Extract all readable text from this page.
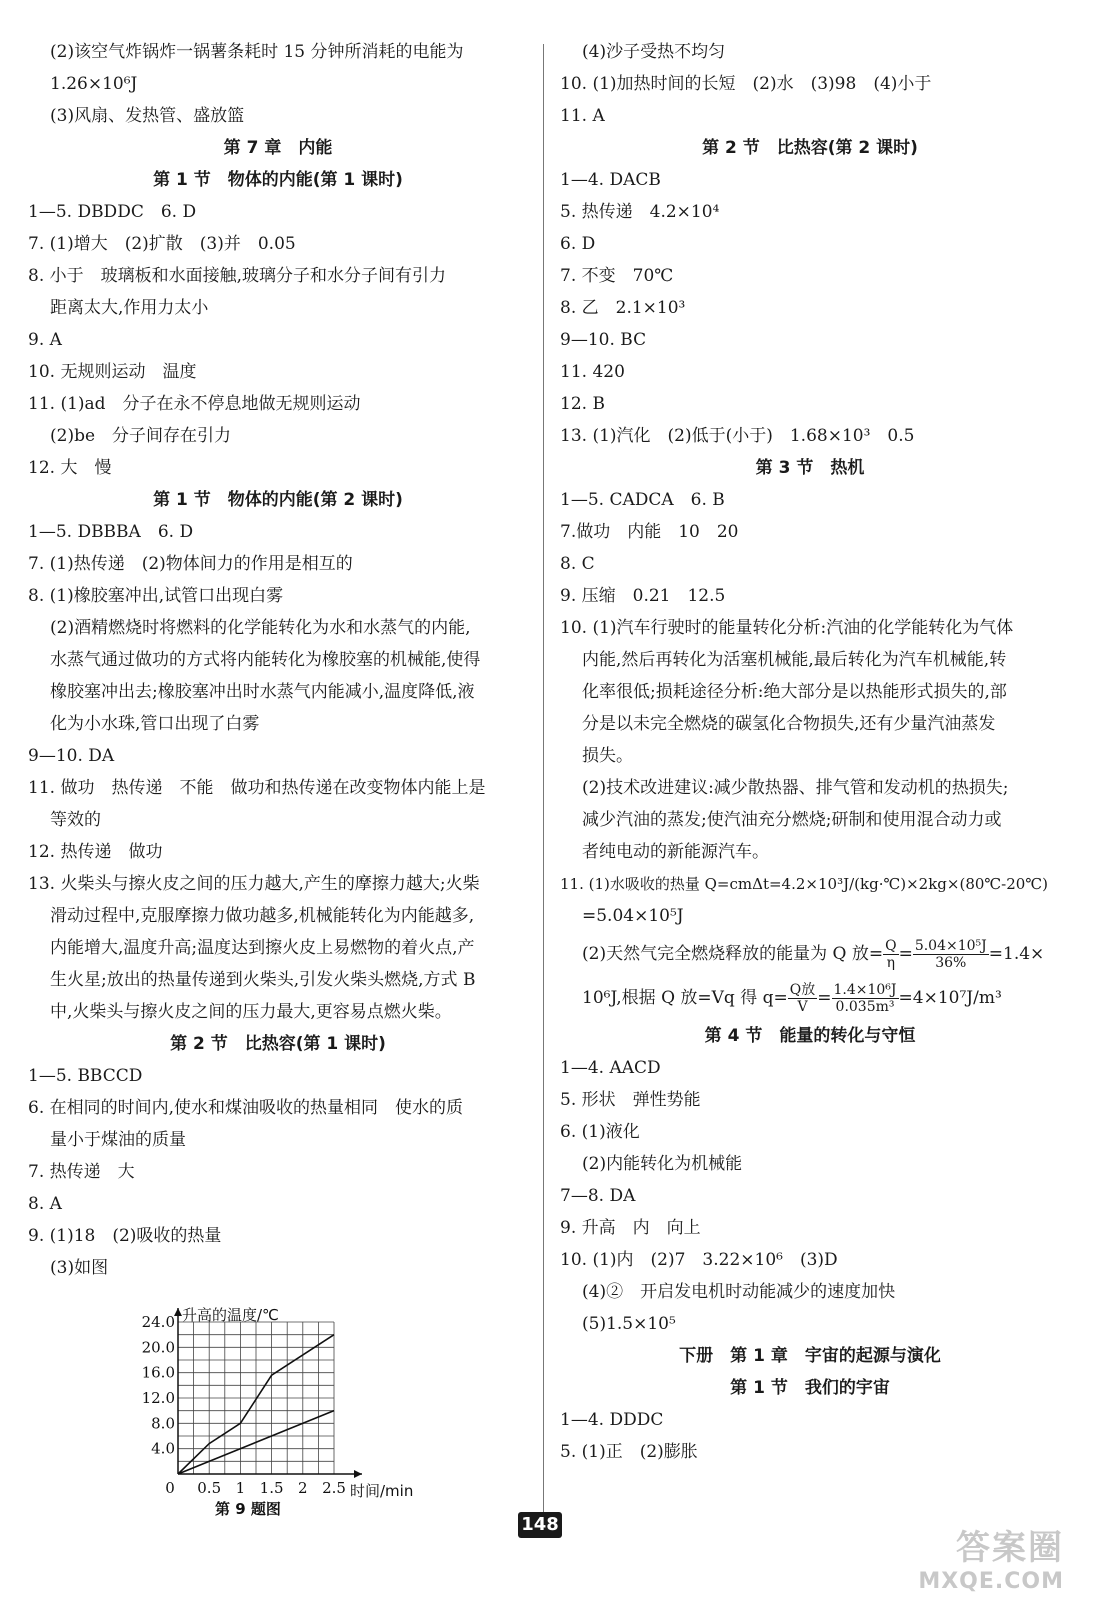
(2)该空气炸锅炸一锅薯条耗时 15 分钟所消耗的电能为
1.26×10⁶J
(3)风扇、发热管、盛放篮
第 7 章　内能
第 1 节　物体的内能(第 1 课时)
1—5. DBDDC　6. D
7. (1)增大　(2)扩散　(3)并　0.05
8. 小于　玻璃板和水面接触,玻璃分子和水分子间有引力
距离太大,作用力太小
9. A
10. 无规则运动　温度
11. (1)ad　分子在永不停息地做无规则运动
(2)be　分子间存在引力
12. 大　慢
第 1 节　物体的内能(第 2 课时)
1—5. DBBBA　6. D
7. (1)热传递　(2)物体间力的作用是相互的
8. (1)橡胶塞冲出,试管口出现白雾
(2)酒精燃烧时将燃料的化学能转化为水和水蒸气的内能,
水蒸气通过做功的方式将内能转化为橡胶塞的机械能,使得
橡胶塞冲出去;橡胶塞冲出时水蒸气内能减小,温度降低,液
化为小水珠,管口出现了白雾
9—10. DA
11. 做功　热传递　不能　做功和热传递在改变物体内能上是
等效的
12. 热传递　做功
13. 火柴头与擦火皮之间的压力越大,产生的摩擦力越大;火柴
滑动过程中,克服摩擦力做功越多,机械能转化为内能越多,
内能增大,温度升高;温度达到擦火皮上易燃物的着火点,产
生火星;放出的热量传递到火柴头,引发火柴头燃烧,方式 B
中,火柴头与擦火皮之间的压力最大,更容易点燃火柴。
第 2 节　比热容(第 1 课时)
1—5. BBCCD
6. 在相同的时间内,使水和煤油吸收的热量相同　使水的质
量小于煤油的质量
7. 热传递　大
8. A
9. (1)18　(2)吸收的热量
(3)如图
4.0
8.0
12.0
16.0
20.0
24.0
0 0.5 1 1.5 2 2.5
升高的温度/℃
时间/min
第 9 题图
(4)沙子受热不均匀
10. (1)加热时间的长短　(2)水　(3)98　(4)小于
11. A
第 2 节　比热容(第 2 课时)
1—4. DACB
5. 热传递　4.2×10⁴
6. D
7. 不变　70℃
8. 乙　2.1×10³
9—10. BC
11. 420
12. B
13. (1)汽化　(2)低于(小于)　1.68×10³　0.5
第 3 节　热机
1—5. CADCA　6. B
7.做功　内能　10　20
8. C
9. 压缩　0.21　12.5
10. (1)汽车行驶时的能量转化分析:汽油的化学能转化为气体
内能,然后再转化为活塞机械能,最后转化为汽车机械能,转
化率很低;损耗途径分析:绝大部分是以热能形式损失的,部
分是以未完全燃烧的碳氢化合物损失,还有少量汽油蒸发
损失。
(2)技术改进建议:减少散热器、排气管和发动机的热损失;
减少汽油的蒸发;使汽油充分燃烧;研制和使用混合动力或
者纯电动的新能源汽车。
11. (1)水吸收的热量 Q=cmΔt=4.2×10³J/(kg·℃)×2kg×(80℃-20℃)
=5.04×10⁵J
(2)天然气完全燃烧释放的能量为 Q 放= $\frac{Q}{\eta} = \frac{\text{5.04×10⁵J}}{36\%} =1.4\times$
10⁶J,根据 Q 放=Vq 得 q= Q放
$V = \frac{\text{1.4×10⁶J}}{\text{0.035m³}} =4\times 10^7J/m^3$
第 4 节　能量的转化与守恒
1—4. AACD
5. 形状　弹性势能
6. (1)液化
(2)内能转化为机械能
7—8. DA
9. 升高　内　向上
10. (1)内　(2)7　3.22×10⁶　(3)D
(4)②　开启发电机时动能减少的速度加快
(5)1.5×10⁵
下册　第 1 章　宇宙的起源与演化
第 1 节　我们的宇宙
1—4. DDDC
5. (1)正　(2)膨胀
148
答案圈
MXQE.COM
